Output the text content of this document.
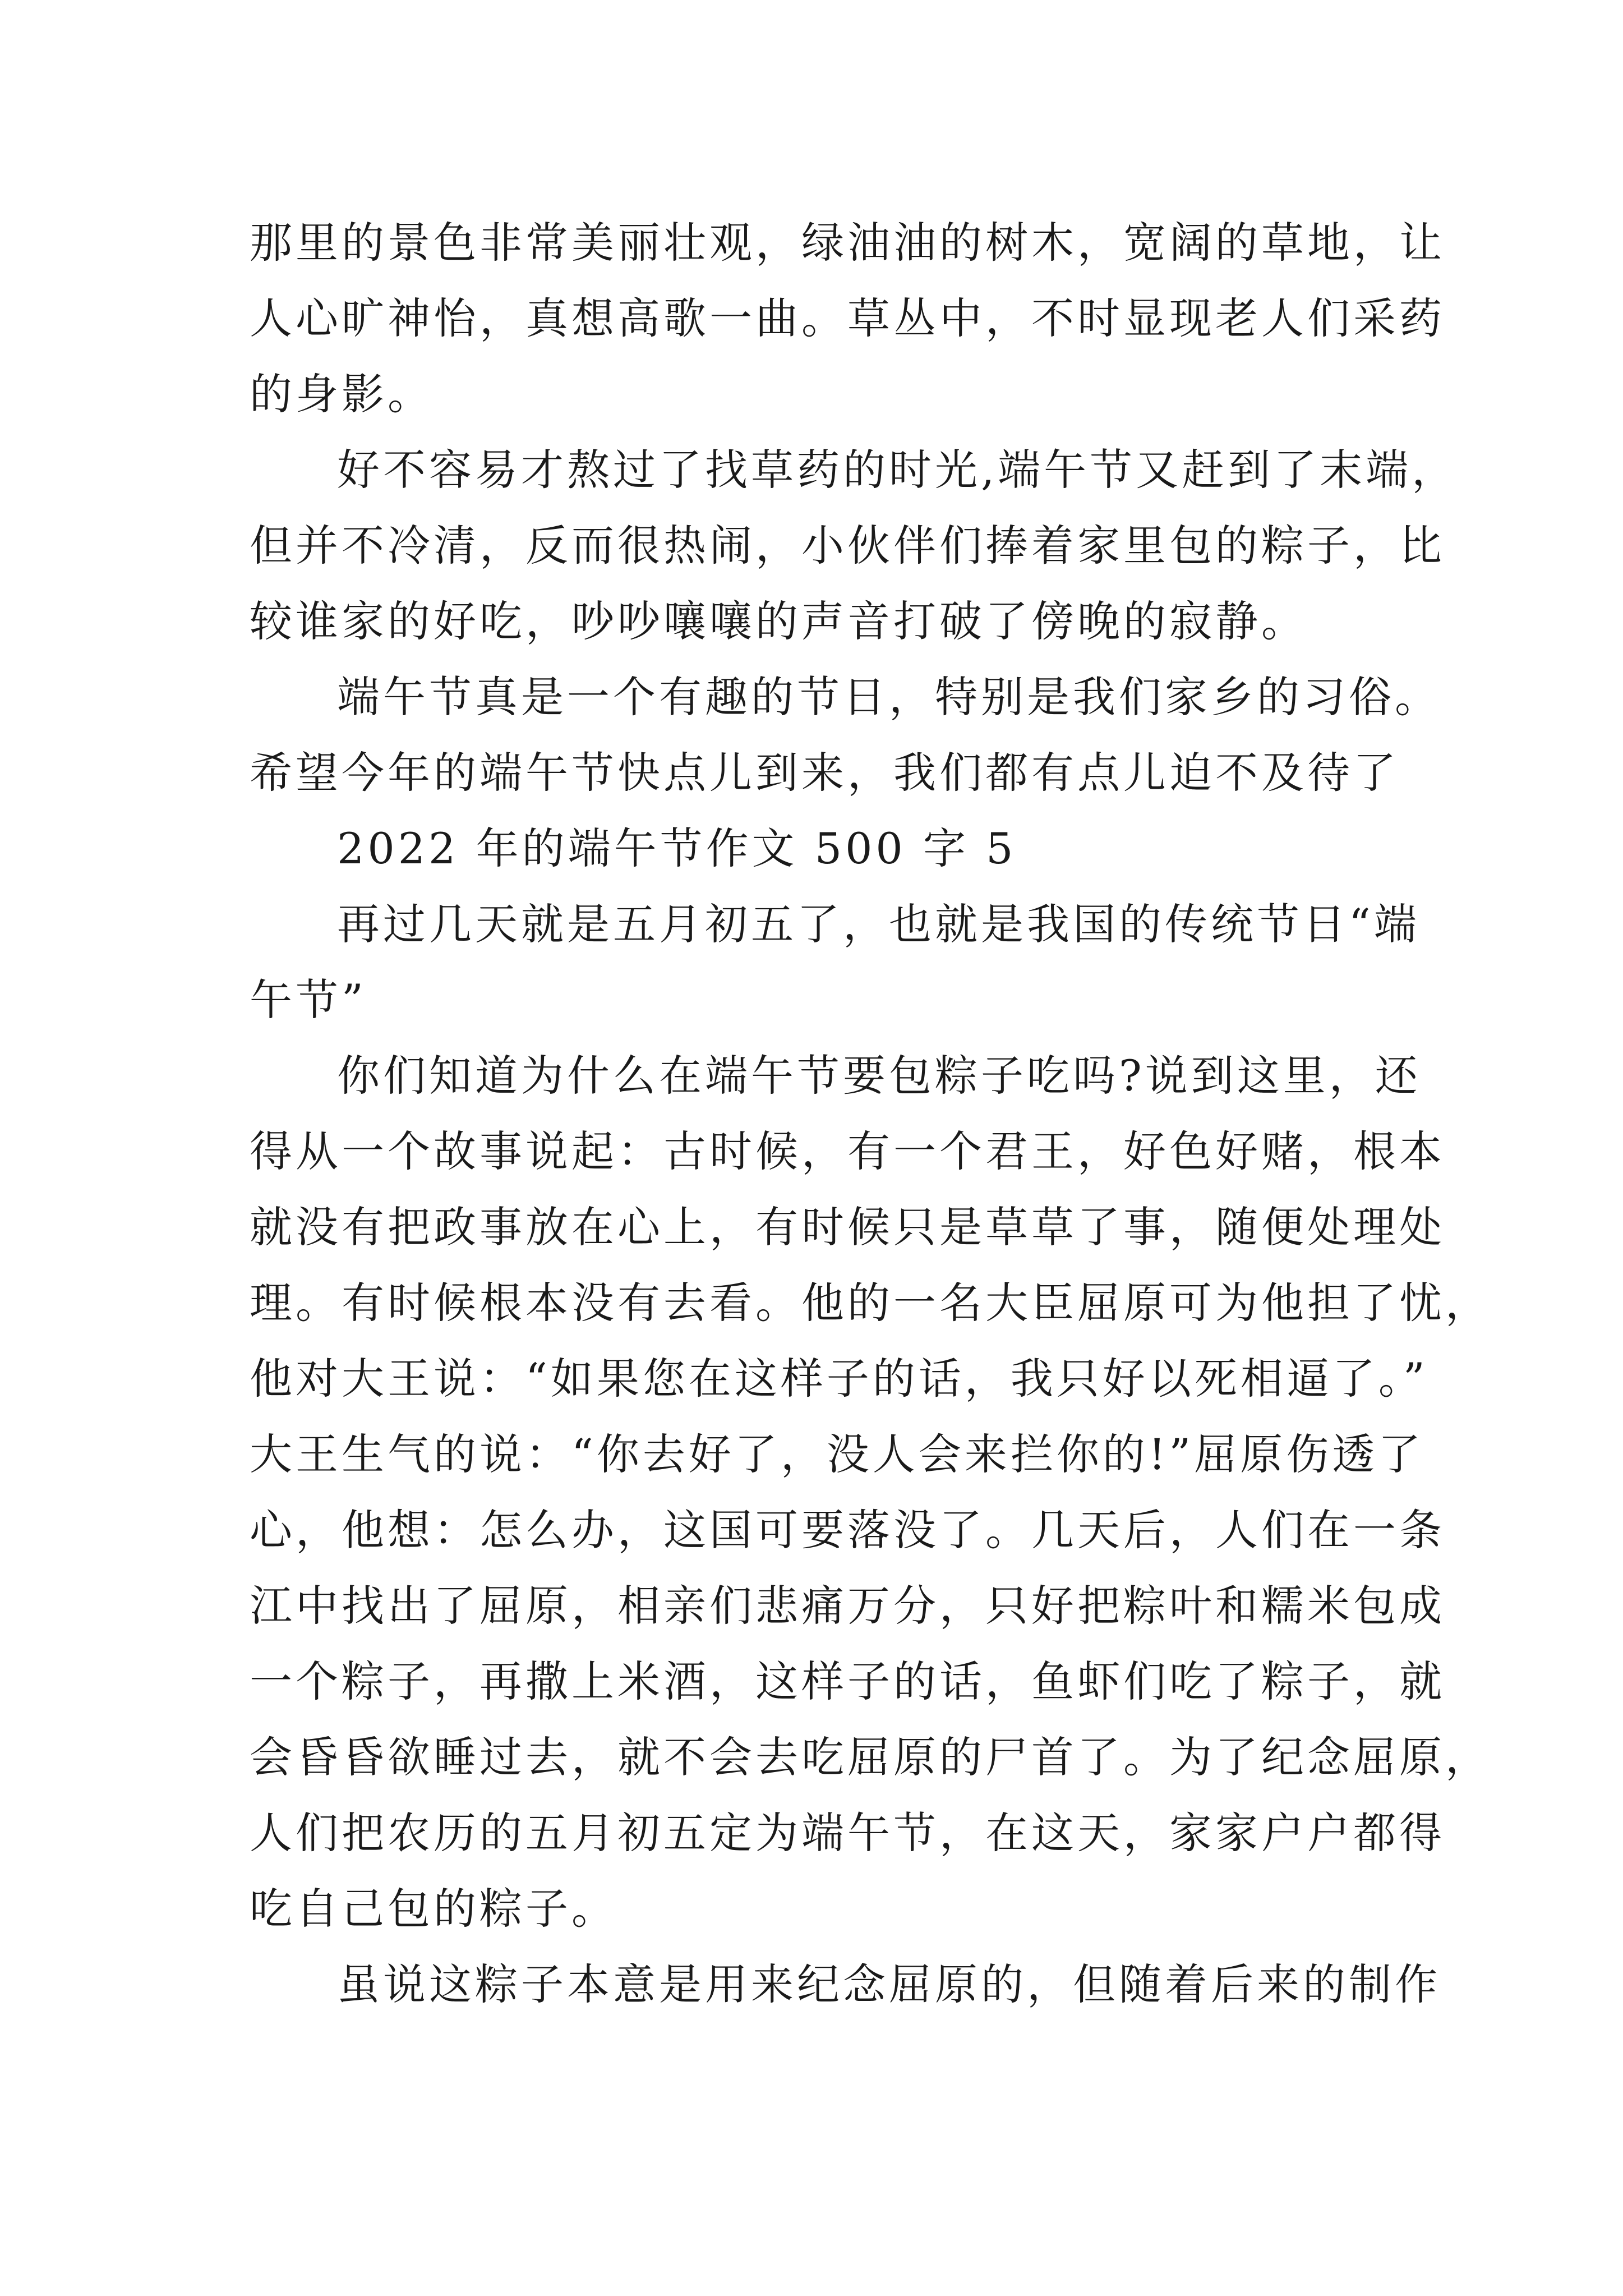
那里的景色非常美丽壮观，绿油油的树木，宽阔的草地，让
人心旷神怡，真想高歌一曲。草丛中，不时显现老人们采药
的身影。
好不容易才熬过了找草药的时光,端午节又赶到了末端，
但并不冷清，反而很热闹，小伙伴们捧着家里包的粽子，比
较谁家的好吃，吵吵嚷嚷的声音打破了傍晚的寂静。
端午节真是一个有趣的节日，特别是我们家乡的习俗。
希望今年的端午节快点儿到来，我们都有点儿迫不及待了
2022 年的端午节作文 500 字 5
再过几天就是五月初五了，也就是我国的传统节日“端
午节”
你们知道为什么在端午节要包粽子吃吗?说到这里，还
得从一个故事说起：古时候，有一个君王，好色好赌，根本
就没有把政事放在心上，有时候只是草草了事，随便处理处
理。有时候根本没有去看。他的一名大臣屈原可为他担了忧，
他对大王说：“如果您在这样子的话，我只好以死相逼了。”
大王生气的说：“你去好了，没人会来拦你的!”屈原伤透了
心，他想：怎么办，这国可要落没了。几天后，人们在一条
江中找出了屈原，相亲们悲痛万分，只好把粽叶和糯米包成
一个粽子，再撒上米酒，这样子的话，鱼虾们吃了粽子，就
会昏昏欲睡过去，就不会去吃屈原的尸首了。为了纪念屈原，
人们把农历的五月初五定为端午节，在这天，家家户户都得
吃自己包的粽子。
虽说这粽子本意是用来纪念屈原的，但随着后来的制作
